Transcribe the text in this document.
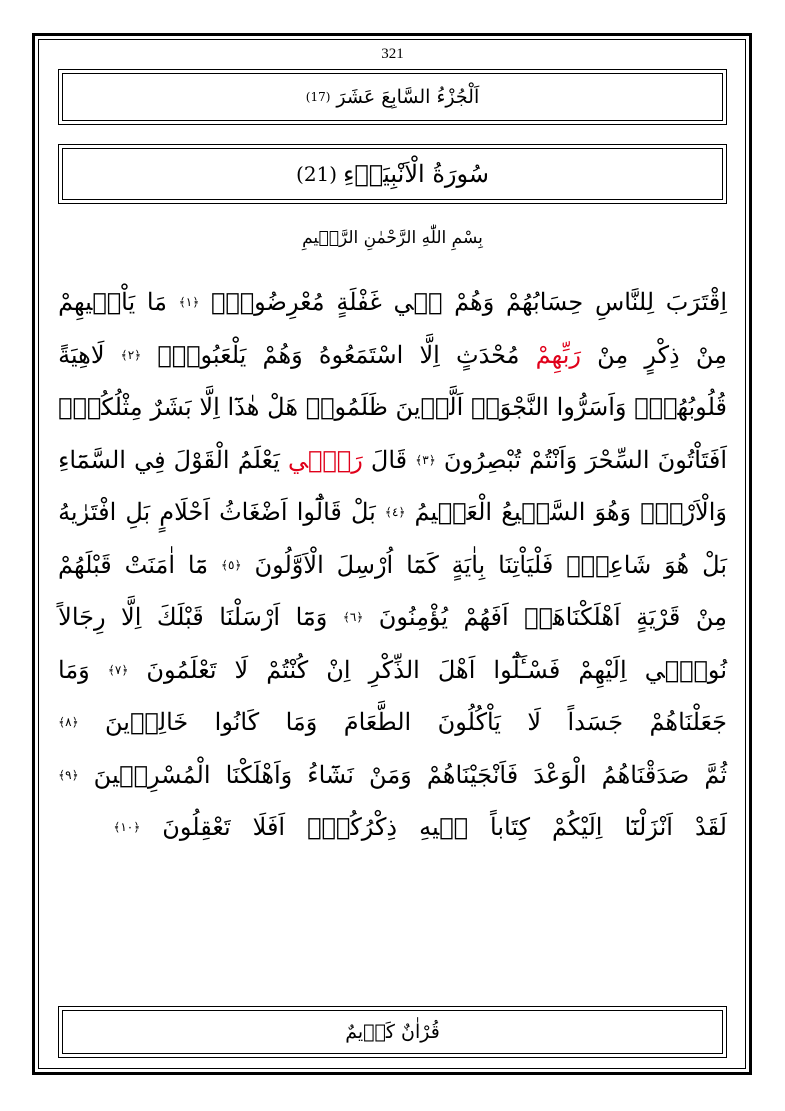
321
اَلْجُزْءُ السَّابِعَ عَشَرَ
(17)
سُورَةُ الْاَنْبِيَاۤءِ
(21)
بِسْمِ اللّٰهِ الرَّحْمٰنِ الرَّح۪يمِ
اِقْتَرَبَ
لِلنَّاسِ
حِسَابُهُمْ
وَهُمْ
ف۪ي
غَفْلَةٍ
مُعْرِضُونَۚ
﴿١﴾
مَا
يَاْت۪يهِمْ
مِنْ
ذِكْرٍ
مِنْ
رَبِّهِمْ
مُحْدَثٍ
اِلَّا
اسْتَمَعُوهُ
وَهُمْ
يَلْعَبُونَۙ
﴿٢﴾
لَاهِيَةً
قُلُوبُهُمْۜ
وَاَسَرُّوا
النَّجْوَىۗ
اَلَّذ۪ينَ
ظَلَمُواۗ
هَلْ
هٰذَٓا
اِلَّا
بَشَرٌ
مِثْلُكُمْۚ
اَفَتَاْتُونَ
السِّحْرَ
وَاَنْتُمْ
تُبْصِرُونَ
﴿٣﴾
قَالَ
رَبّ۪ي
يَعْلَمُ
الْقَوْلَ
فِي
السَّمَٓاءِ
وَالْاَرْضِۘ
وَهُوَ
السَّم۪يعُ
الْعَل۪يمُ
﴿٤﴾
بَلْ
قَالُٓوا
اَضْغَاثُ
اَحْلَامٍ
بَلِ
افْتَرٰيهُ
بَلْ
هُوَ
شَاعِرٌۚ
فَلْيَاْتِنَا
بِاٰيَةٍ
كَمَٓا
اُرْسِلَ
الْاَوَّلُونَ
﴿٥﴾
مَٓا
اٰمَنَتْ
قَبْلَهُمْ
مِنْ
قَرْيَةٍ
اَهْلَكْنَاهَاۚ
اَفَهُمْ
يُؤْمِنُونَ
﴿٦﴾
وَمَٓا
اَرْسَلْنَا
قَبْلَكَ
اِلَّا
رِجَالاً
نُوح۪ٓي
اِلَيْهِمْ
فَسْـَٔلُٓوا
اَهْلَ
الذِّكْرِ
اِنْ
كُنْتُمْ
لَا
تَعْلَمُونَ
﴿٧﴾
وَمَا
جَعَلْنَاهُمْ
جَسَداً
لَا
يَاْكُلُونَ
الطَّعَامَ
وَمَا
كَانُوا
خَالِد۪ينَ
﴿٨﴾
ثُمَّ
صَدَقْنَاهُمُ
الْوَعْدَ
فَاَنْجَيْنَاهُمْ
وَمَنْ
نَشَٓاءُ
وَاَهْلَكْنَا
الْمُسْرِف۪ينَ
﴿٩﴾
لَقَدْ
اَنْزَلْنَٓا
اِلَيْكُمْ
كِتَاباً
ف۪يهِ
ذِكْرُكُمْۜ
اَفَلَا
تَعْقِلُونَ
﴿١٠﴾
قُرْاٰنٌ كَر۪يمٌ
